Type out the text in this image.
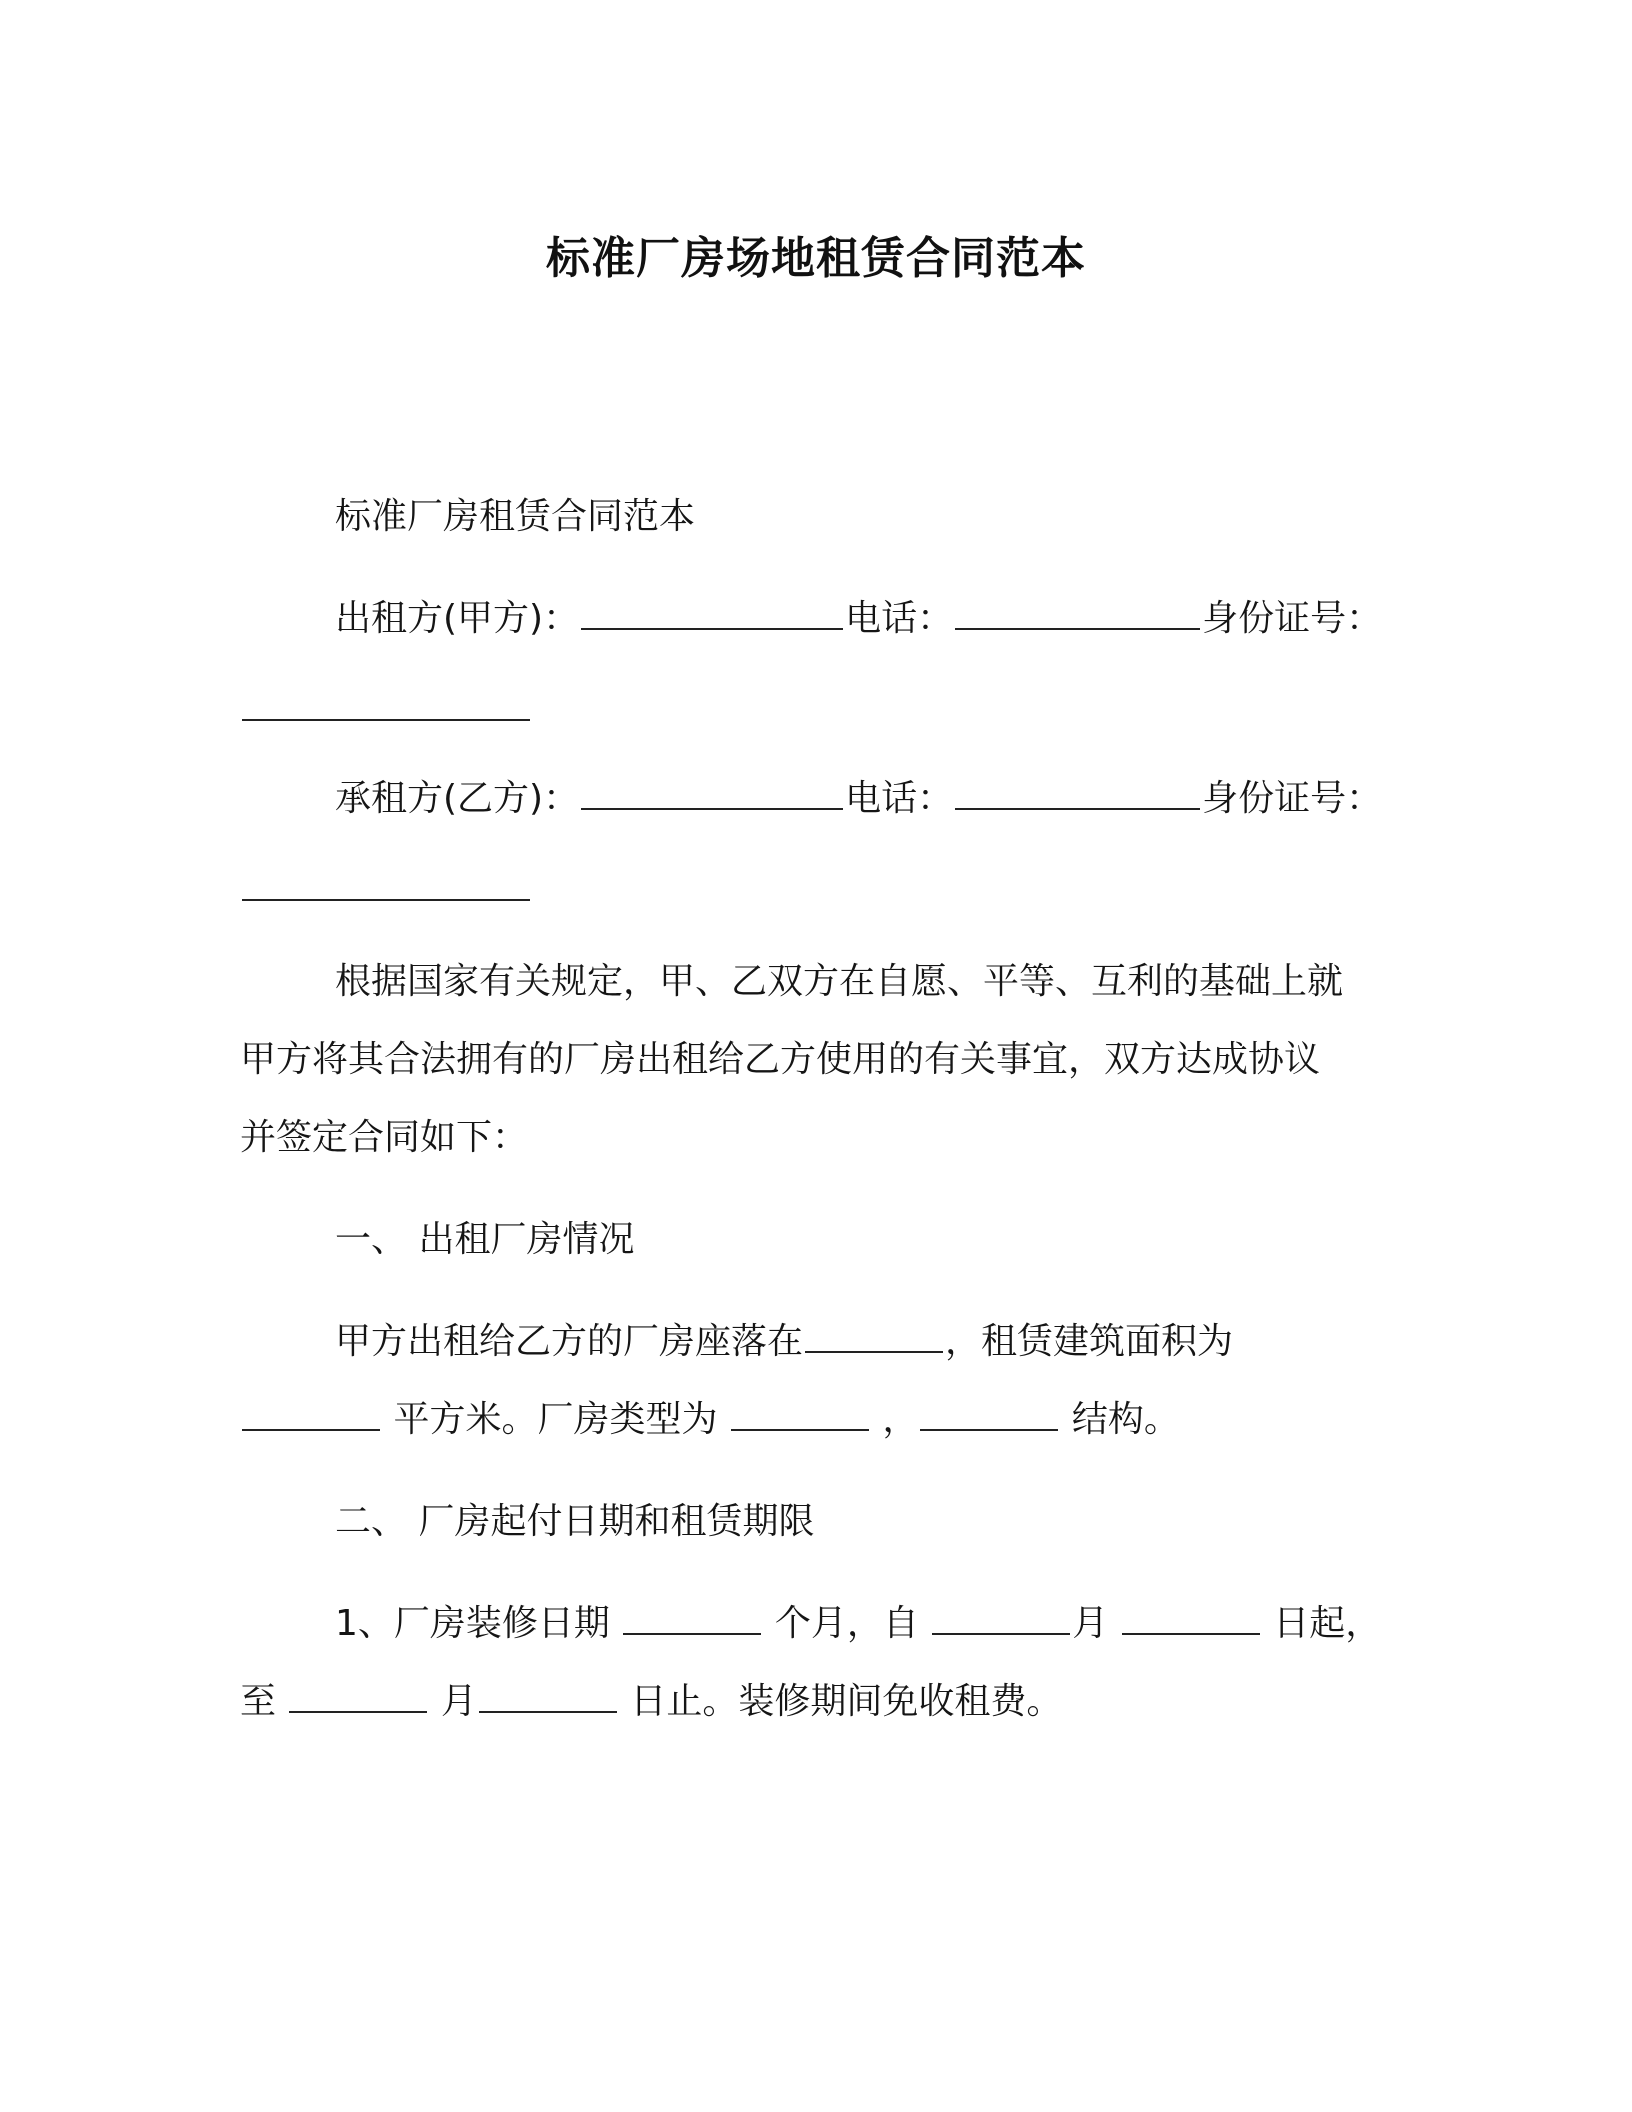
标准厂房场地租赁合同范本
标准厂房租赁合同范本
出租方(甲方)：	电话：	身份证号：
承租方(乙方)：	电话：	身份证号：
根据国家有关规定，甲、乙双方在自愿、平等、互利的基础上就
甲方将其合法拥有的厂房出租给乙方使用的有关事宜，双方达成协议
并签定合同如下：
一、 出租厂房情况
甲方出租给乙方的厂房座落在	，租赁建筑面积为
平方米。厂房类型为	，	结构。
二、 厂房起付日期和租赁期限
1、厂房装修日期	个月，自	月	日起，
至	月	日止。装修期间免收租费。
